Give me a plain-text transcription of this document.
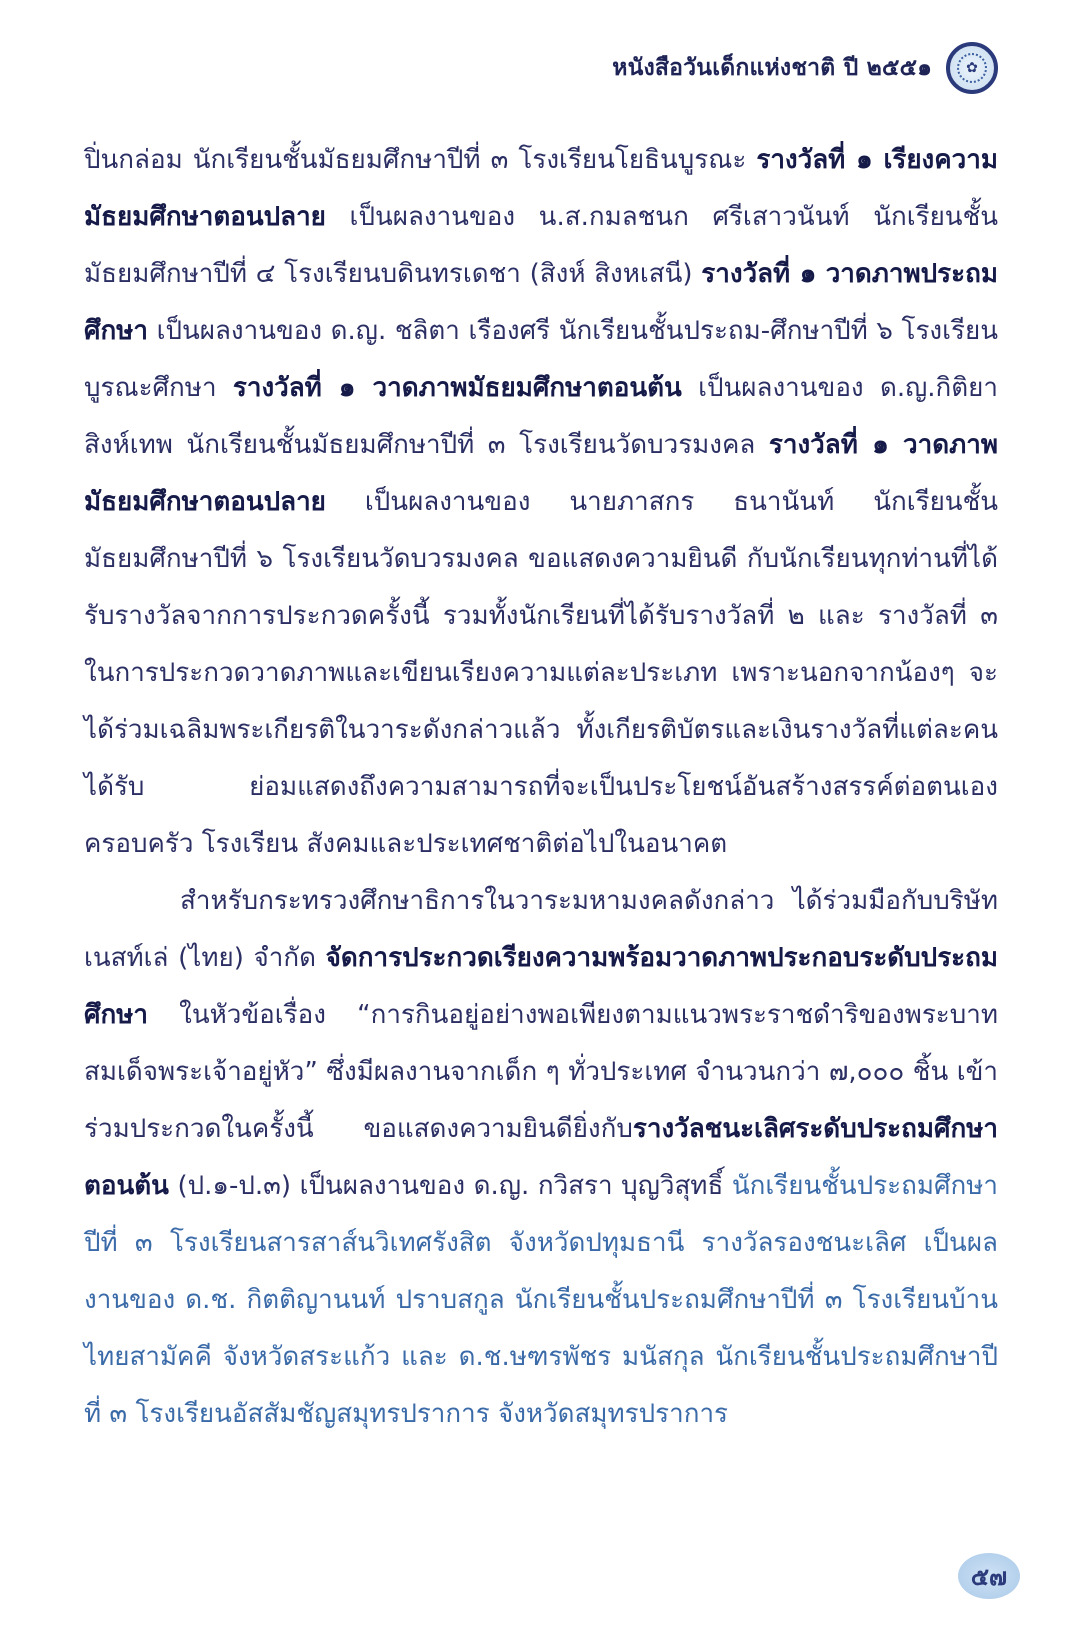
หนังสือวันเด็กแห่งชาติ ปี ๒๕๕๑	✿

ปิ่นกล่อม นักเรียนชั้นมัธยมศึกษาปีที่ ๓ โรงเรียนโยธินบูรณะ รางวัลที่ ๑ เรียงความมัธยมศึกษาตอนปลาย เป็นผลงานของ น.ส.กมลชนก ศรีเสาวนันท์ นักเรียนชั้นมัธยมศึกษาปีที่ ๔ โรงเรียนบดินทรเดชา (สิงห์ สิงหเสนี) รางวัลที่ ๑ วาดภาพประถมศึกษา เป็นผลงานของ ด.ญ. ชลิตา เรืองศรี นักเรียนชั้นประถม-ศึกษาปีที่ ๖ โรงเรียนบูรณะศึกษา รางวัลที่ ๑ วาดภาพมัธยมศึกษาตอนต้น เป็นผลงานของ ด.ญ.กิติยา สิงห์เทพ นักเรียนชั้นมัธยมศึกษาปีที่ ๓ โรงเรียนวัดบวรมงคล รางวัลที่ ๑ วาดภาพมัธยมศึกษาตอนปลาย เป็นผลงานของ นายภาสกร ธนานันท์ นักเรียนชั้นมัธยมศึกษาปีที่ ๖ โรงเรียนวัดบวรมงคล ขอแสดงความยินดี กับนักเรียนทุกท่านที่ได้รับรางวัลจากการประกวดครั้งนี้ รวมทั้งนักเรียนที่ได้รับรางวัลที่ ๒ และ รางวัลที่ ๓ ในการประกวดวาดภาพและเขียนเรียงความแต่ละประเภท เพราะนอกจากน้องๆ จะได้ร่วมเฉลิมพระเกียรติในวาระดังกล่าวแล้ว ทั้งเกียรติบัตรและเงินรางวัลที่แต่ละคนได้รับ ย่อมแสดงถึงความสามารถที่จะเป็นประโยชน์อันสร้างสรรค์ต่อตนเอง ครอบครัว โรงเรียน สังคมและประเทศชาติต่อไปในอนาคต

สำหรับกระทรวงศึกษาธิการในวาระมหามงคลดังกล่าว ได้ร่วมมือกับบริษัทเนสท์เล่ (ไทย) จำกัด จัดการประกวดเรียงความพร้อมวาดภาพประกอบระดับประถมศึกษา ในหัวข้อเรื่อง “การกินอยู่อย่างพอเพียงตามแนวพระราชดำริของพระบาทสมเด็จพระเจ้าอยู่หัว” ซึ่งมีผลงานจากเด็ก ๆ ทั่วประเทศ จำนวนกว่า ๗,๐๐๐ ชิ้น เข้าร่วมประกวดในครั้งนี้ ขอแสดงความยินดียิ่งกับรางวัลชนะเลิศระดับประถมศึกษาตอนต้น (ป.๑-ป.๓) เป็นผลงานของ ด.ญ. กวิสรา บุญวิสุทธิ์ นักเรียนชั้นประถมศึกษาปีที่ ๓ โรงเรียนสารสาส์นวิเทศรังสิต จังหวัดปทุมธานี รางวัลรองชนะเลิศ เป็นผลงานของ ด.ช. กิตติญานนท์ ปราบสกูล นักเรียนชั้นประถมศึกษาปีที่ ๓ โรงเรียนบ้านไทยสามัคคี จังหวัดสระแก้ว และ ด.ช.ษฑรพัชร มนัสกุล นักเรียนชั้นประถมศึกษาปีที่ ๓ โรงเรียนอัสสัมชัญสมุทรปราการ จังหวัดสมุทรปราการ

๕๗
